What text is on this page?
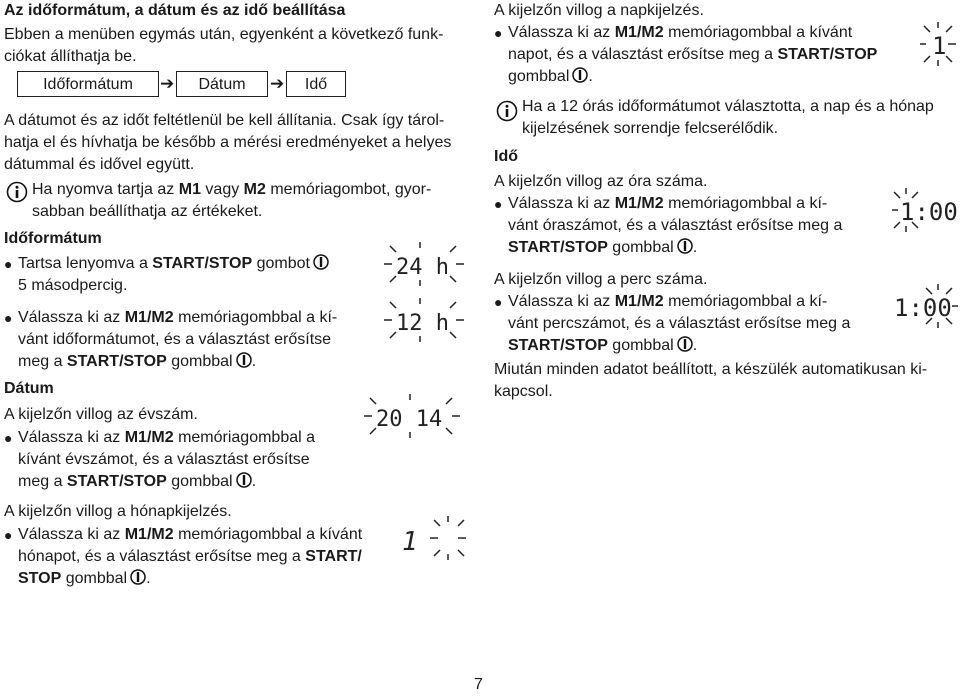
Az időformátum, a dátum és az idő beállítása
Ebben a menüben egymás után, egyenként a következő funk-
ciókat állíthatja be.
Időformátum	➔	Dátum	➔	Idő
A dátumot és az időt feltétlenül be kell állítania. Csak így tárol-
hatja el és hívhatja be később a mérési eredményeket a helyes
dátummal és idővel együtt.
Ha nyomva tartja az M1 vagy M2 memóriagombot, gyor-
sabban beállíthatja az értékeket.
Időformátum
● Tartsa lenyomva a START/STOP gombot
5 másodpercig.
● Válassza ki az M1/M2 memóriagombbal a kí-
vánt időformátumot, és a választást erősítse
meg a START/STOP gombbal .
Dátum
A kijelzőn villog az évszám.
● Válassza ki az M1/M2 memóriagombbal a
kívánt évszámot, és a választást erősítse
meg a START/STOP gombbal .
A kijelzőn villog a hónapkijelzés.
● Válassza ki az M1/M2 memóriagombbal a kívánt
hónapot, és a választást erősítse meg a START/
STOP gombbal .
24 h
12 h
20 14
1
A kijelzőn villog a napkijelzés.
● Válassza ki az M1/M2 memóriagombbal a kívánt
napot, és a választást erősítse meg a START/STOP
gombbal .
Ha a 12 órás időformátumot választotta, a nap és a hónap
kijelzésének sorrendje felcserélődik.
Idő
A kijelzőn villog az óra száma.
● Válassza ki az M1/M2 memóriagombbal a kí-
vánt óraszámot, és a választást erősítse meg a
START/STOP gombbal .
A kijelzőn villog a perc száma.
● Válassza ki az M1/M2 memóriagombbal a kí-
vánt percszámot, és a választást erősítse meg a
START/STOP gombbal .
Miután minden adatot beállított, a készülék automatikusan ki-
kapcsol.
1
1:00
1:00
7
